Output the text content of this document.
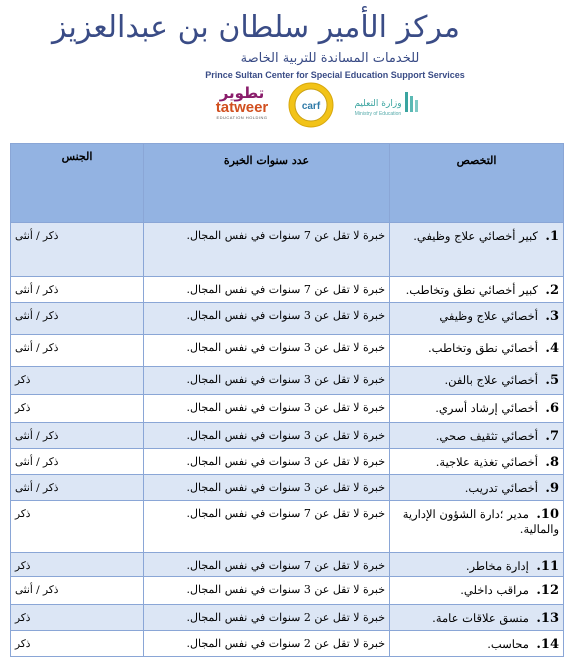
مركز الأمير سلطان بن عبدالعزيز
للخدمات المساندة للتربية الخاصة
Prince Sultan Center for Special Education Support Services
تطوير
tatweer
EDUCATION HOLDING
carf	وزارة التعليم
Ministry of Education
التخصص	عدد سنوات الخبرة	الجنس
1. كبير أخصائي علاج وظيفي.	خبرة لا تقل عن 7 سنوات في نفس المجال.	ذكر / أنثى
2. كبير أخصائي نطق وتخاطب.	خبرة لا تقل عن 7 سنوات في نفس المجال.	ذكر / أنثى
3. أخصائي علاج وظيفي	خبرة لا تقل عن 3 سنوات في نفس المجال.	ذكر / أنثى
4. أخصائي نطق وتخاطب.	خبرة لا تقل عن 3 سنوات في نفس المجال.	ذكر / أنثى
5. أخصائي علاج بالفن.	خبرة لا تقل عن 3 سنوات في نفس المجال.	ذكر
6. أخصائي إرشاد أسري.	خبرة لا تقل عن 3 سنوات في نفس المجال.	ذكر
7. أخصائي تثقيف صحي.	خبرة لا تقل عن 3 سنوات في نفس المجال.	ذكر / أنثى
8. أخصائي تغذية علاجية.	خبرة لا تقل عن 3 سنوات في نفس المجال.	ذكر / أنثى
9. أخصائي تدريب.	خبرة لا تقل عن 3 سنوات في نفس المجال.	ذكر / أنثى
10. مدير ؛دارة الشؤون الإدارية والمالية.	خبرة لا تقل عن 7 سنوات في نفس المجال.	ذكر
11. إدارة مخاطر.	خبرة لا تقل عن 7 سنوات في نفس المجال.	ذكر
12. مراقب داخلي.	خبرة لا تقل عن 3 سنوات في نفس المجال.	ذكر / أنثى
13. منسق علاقات عامة.	خبرة لا تقل عن 2 سنوات في نفس المجال.	ذكر
14. محاسب.	خبرة لا تقل عن 2 سنوات في نفس المجال.	ذكر
